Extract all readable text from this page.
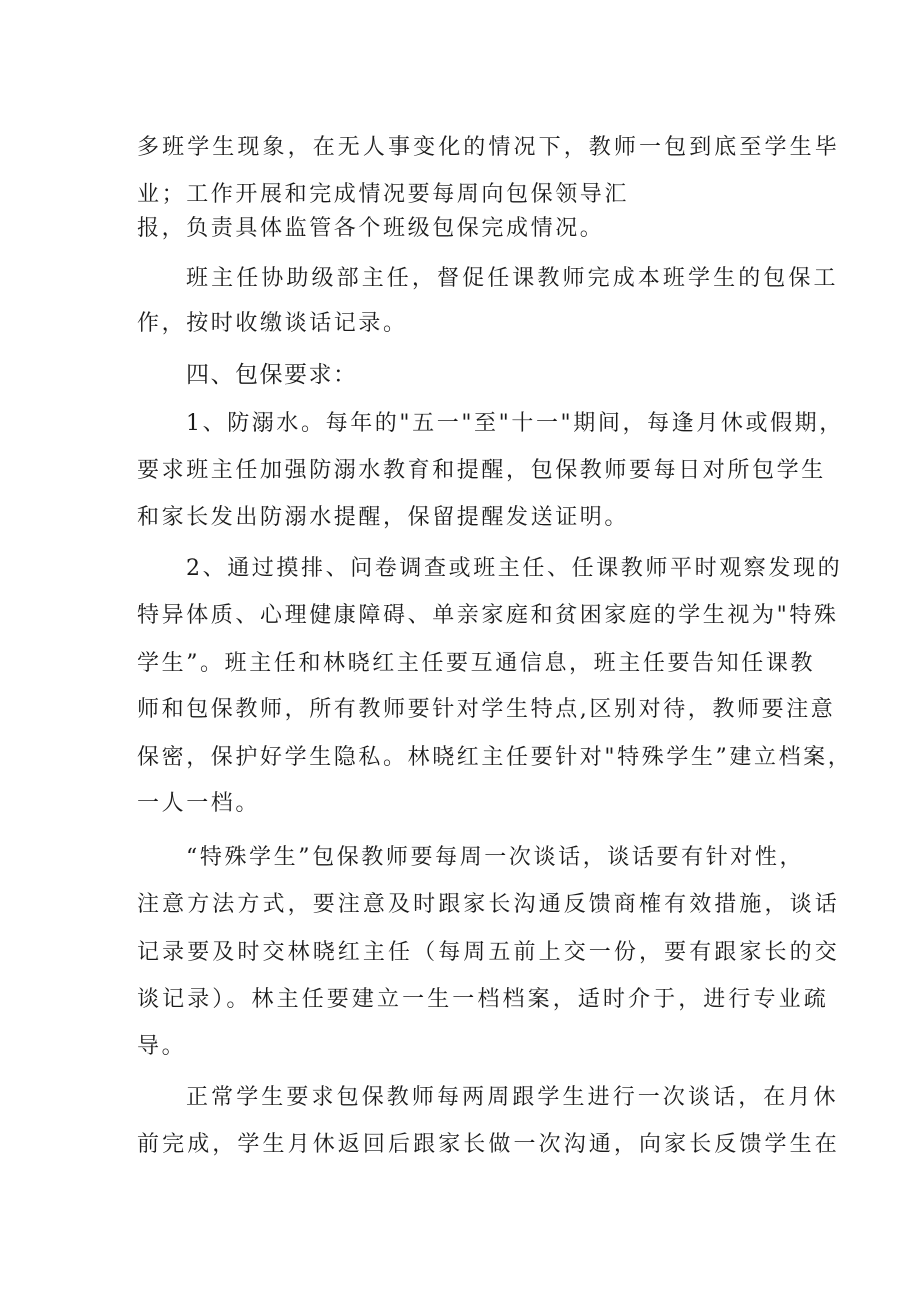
多班学生现象，在无人事变化的情况下，教师一包到底至学生毕
业；工作开展和完成情况要每周向包保领导汇
报，负责具体监管各个班级包保完成情况。
班主任协助级部主任，督促任课教师完成本班学生的包保工
作，按时收缴谈话记录。
四、包保要求：
1、防溺水。每年的"五一"至"十一"期间，每逢月休或假期，
要求班主任加强防溺水教育和提醒，包保教师要每日对所包学生
和家长发出防溺水提醒，保留提醒发送证明。
2、通过摸排、问卷调查或班主任、任课教师平时观察发现的
特异体质、心理健康障碍、单亲家庭和贫困家庭的学生视为"特殊
学生”。班主任和林晓红主任要互通信息，班主任要告知任课教
师和包保教师，所有教师要针对学生特点,区别对待，教师要注意
保密，保护好学生隐私。林晓红主任要针对"特殊学生”建立档案，
一人一档。
“特殊学生”包保教师要每周一次谈话，谈话要有针对性，
注意方法方式，要注意及时跟家长沟通反馈商榷有效措施，谈话
记录要及时交林晓红主任（每周五前上交一份，要有跟家长的交
谈记录）。林主任要建立一生一档档案，适时介于，进行专业疏
导。
正常学生要求包保教师每两周跟学生进行一次谈话，在月休
前完成，学生月休返回后跟家长做一次沟通，向家长反馈学生在
